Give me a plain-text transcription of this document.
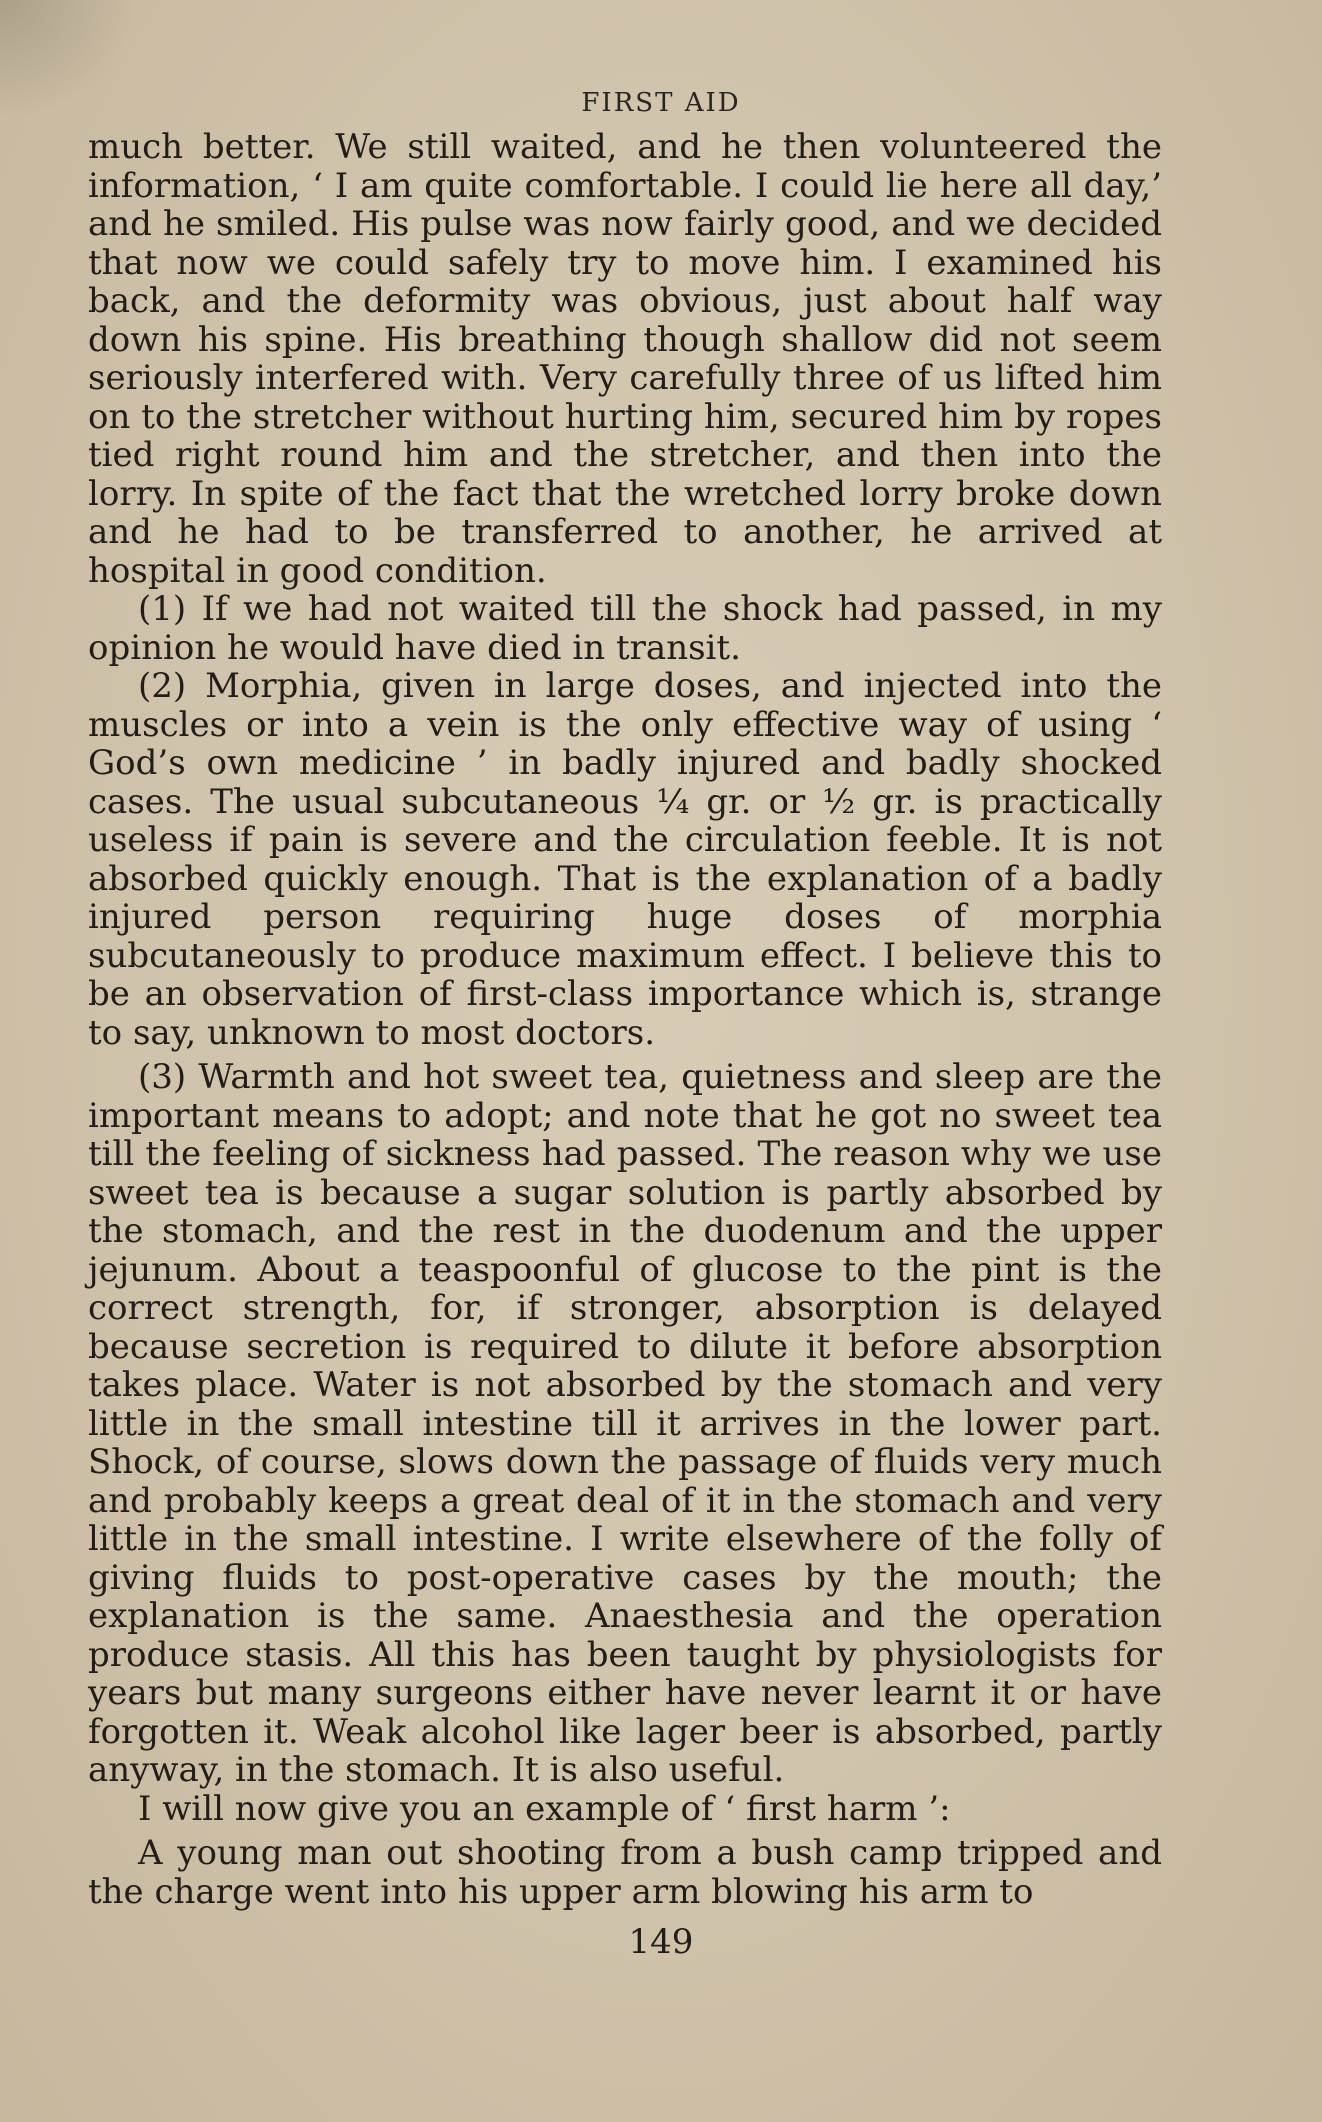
FIRST AID

much better. We still waited, and he then volunteered the information, ‘ I am quite comfortable. I could lie here all day,’ and he smiled. His pulse was now fairly good, and we decided that now we could safely try to move him. I examined his back, and the deformity was obvious, just about half way down his spine. His breathing though shallow did not seem seriously interfered with. Very carefully three of us lifted him on to the stretcher without hurting him, secured him by ropes tied right round him and the stretcher, and then into the lorry. In spite of the fact that the wretched lorry broke down and he had to be transferred to another, he arrived at hospital in good condition.

(1) If we had not waited till the shock had passed, in my opinion he would have died in transit.

(2) Morphia, given in large doses, and injected into the muscles or into a vein is the only effective way of using ‘ God’s own medicine ’ in badly injured and badly shocked cases. The usual subcutaneous ¼ gr. or ½ gr. is practically useless if pain is severe and the circulation feeble. It is not absorbed quickly enough. That is the explanation of a badly injured person requiring huge doses of morphia subcutaneously to produce maximum effect. I believe this to be an observation of first-class importance which is, strange to say, unknown to most doctors.

(3) Warmth and hot sweet tea, quietness and sleep are the important means to adopt; and note that he got no sweet tea till the feeling of sickness had passed. The reason why we use sweet tea is because a sugar solution is partly absorbed by the stomach, and the rest in the duodenum and the upper jejunum. About a teaspoonful of glucose to the pint is the correct strength, for, if stronger, absorption is delayed because secretion is required to dilute it before absorption takes place. Water is not absorbed by the stomach and very little in the small intestine till it arrives in the lower part. Shock, of course, slows down the passage of fluids very much and probably keeps a great deal of it in the stomach and very little in the small intestine. I write elsewhere of the folly of giving fluids to post-operative cases by the mouth; the explanation is the same. Anaesthesia and the operation produce stasis. All this has been taught by physiologists for years but many surgeons either have never learnt it or have forgotten it. Weak alcohol like lager beer is absorbed, partly anyway, in the stomach. It is also useful.

I will now give you an example of ‘ first harm ’:

A young man out shooting from a bush camp tripped and the charge went into his upper arm blowing his arm to

149
